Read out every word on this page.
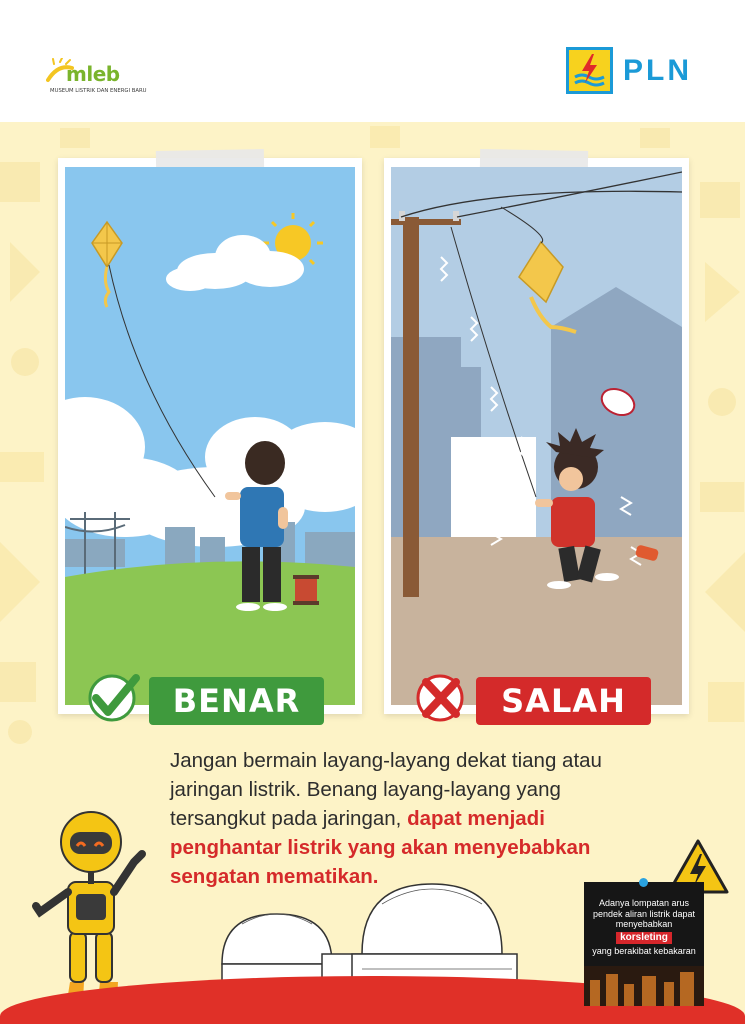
mleb
MUSEUM LISTRIK DAN ENERGI BARU
PLN
BENAR	SALAH

Jangan bermain layang-layang dekat tiang atau jaringan listrik. Benang layang-layang yang tersangkut pada jaringan, dapat menjadi penghantar listrik yang akan menyebabkan sengatan mematikan.

Adanya lompatan arus pendek aliran listrik dapat menyebabkan
korsleting
yang berakibat kebakaran
